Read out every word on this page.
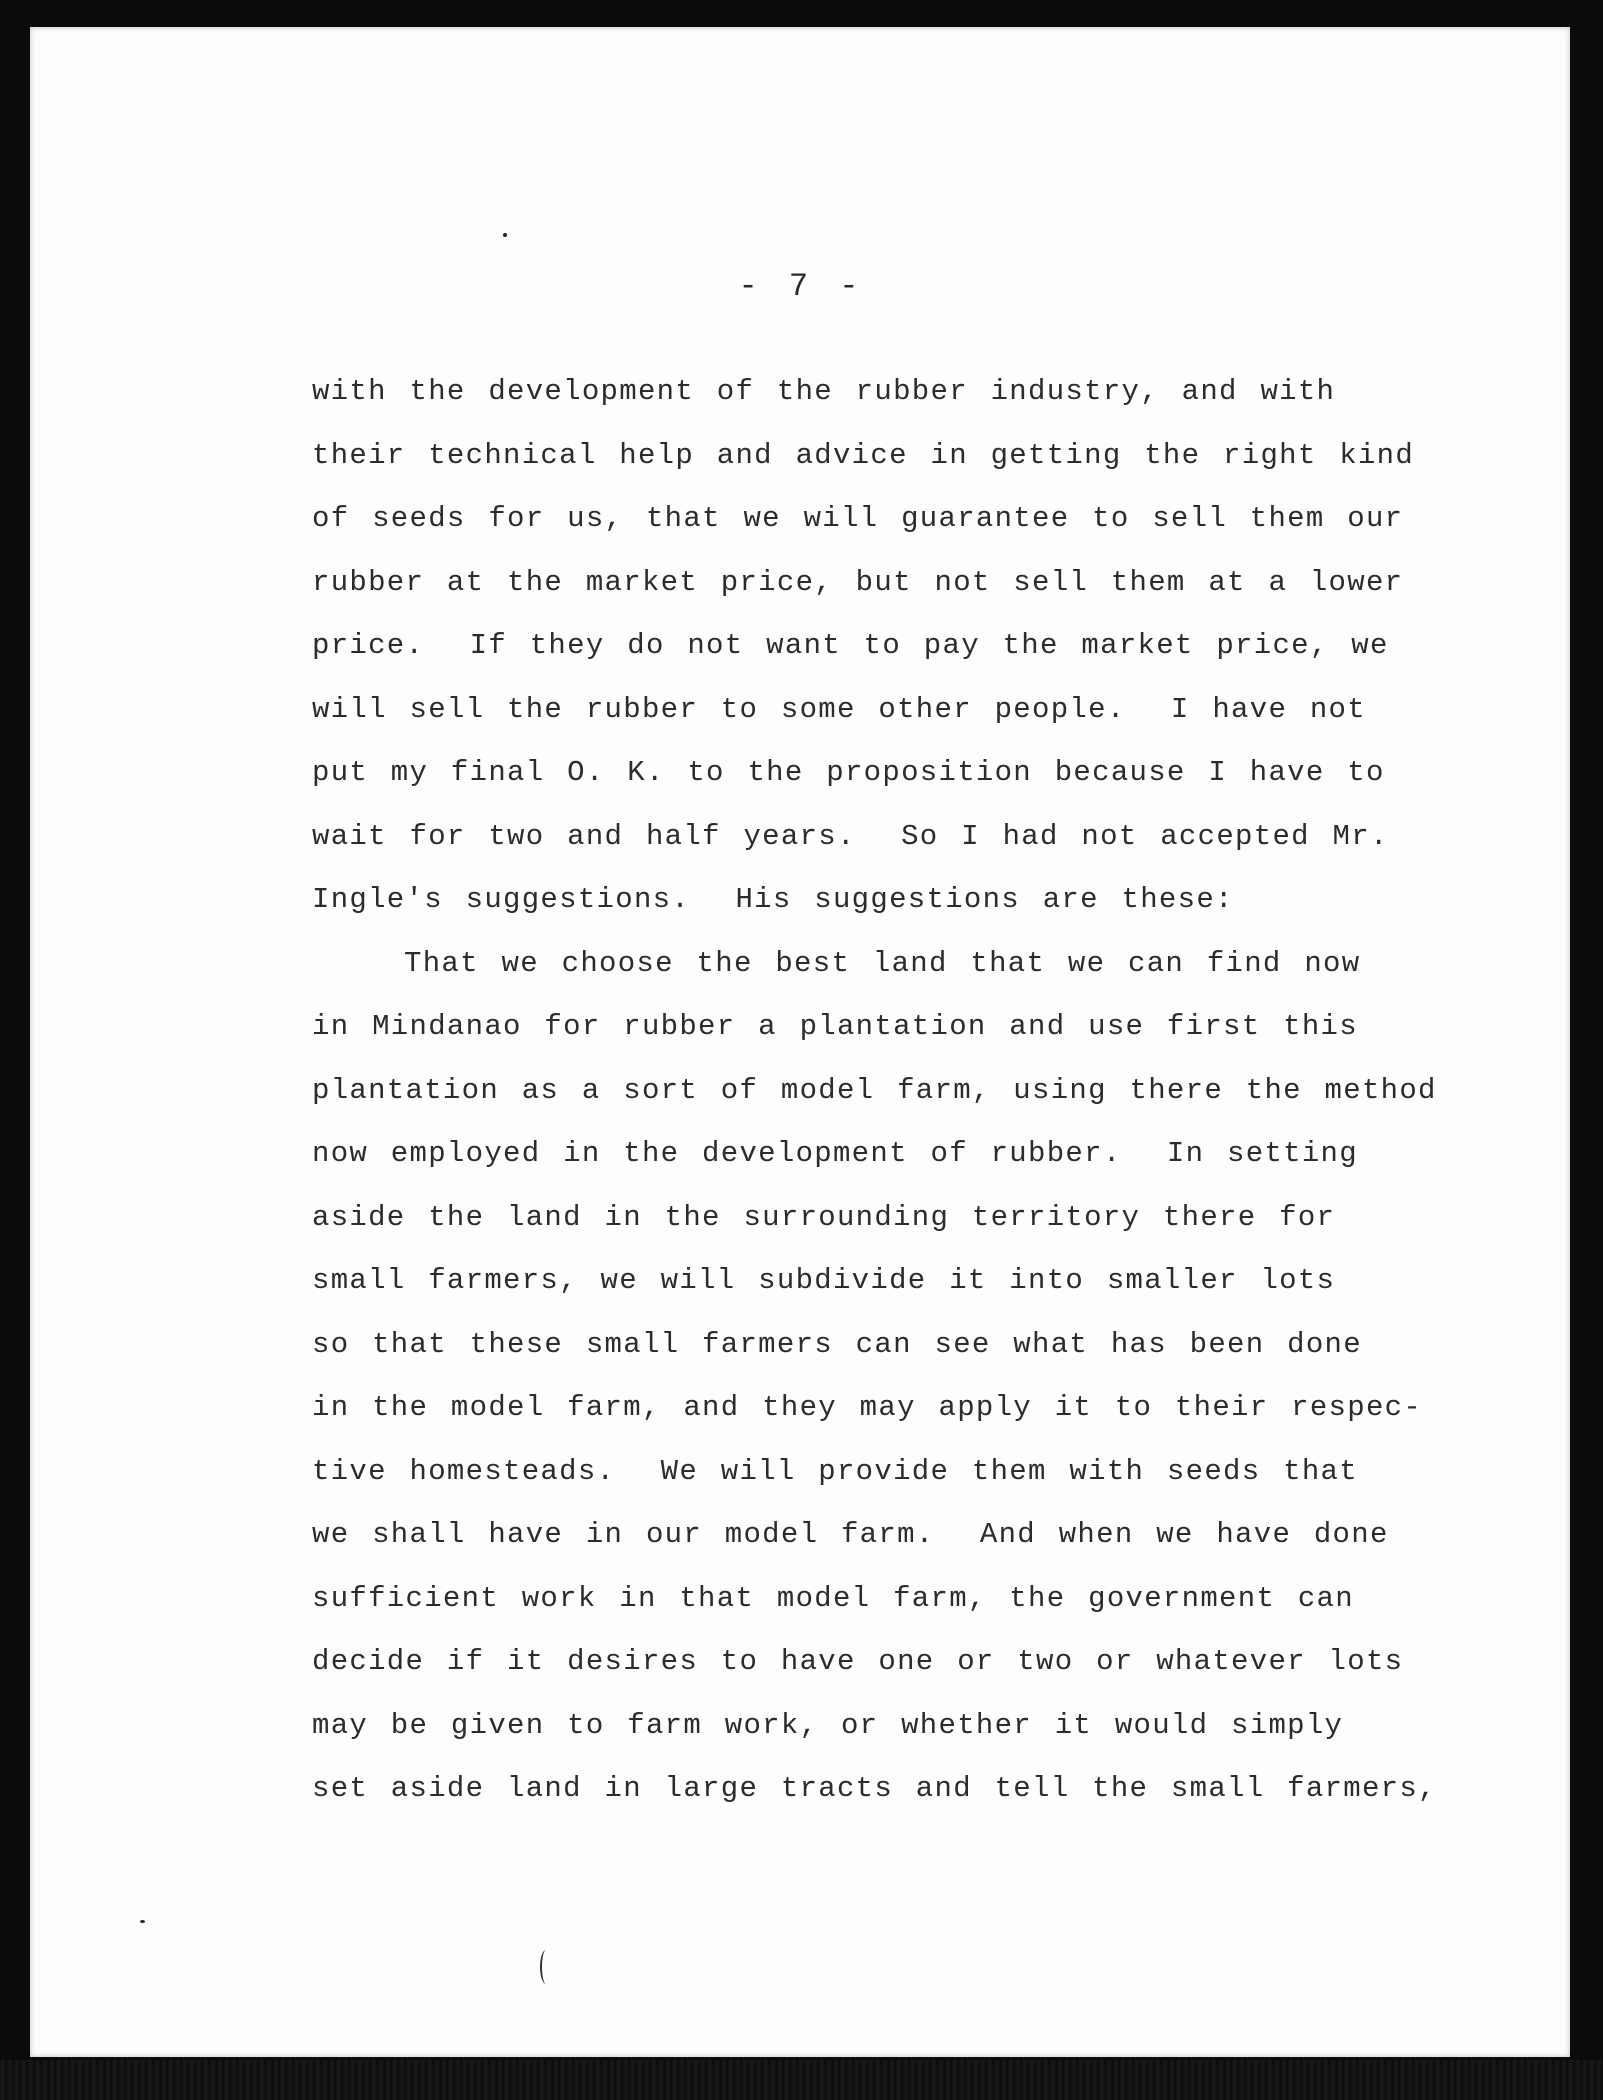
- 7 -
with the development of the rubber industry, and with
their technical help and advice in getting the right kind
of seeds for us, that we will guarantee to sell them our
rubber at the market price, but not sell them at a lower
price.  If they do not want to pay the market price, we
will sell the rubber to some other people.  I have not
put my final O. K. to the proposition because I have to
wait for two and half years.  So I had not accepted Mr.
Ingle's suggestions.  His suggestions are these:
That we choose the best land that we can find now
in Mindanao for rubber a plantation and use first this
plantation as a sort of model farm, using there the method
now employed in the development of rubber.  In setting
aside the land in the surrounding territory there for
small farmers, we will subdivide it into smaller lots
so that these small farmers can see what has been done
in the model farm, and they may apply it to their respec-
tive homesteads.  We will provide them with seeds that
we shall have in our model farm.  And when we have done
sufficient work in that model farm, the government can
decide if it desires to have one or two or whatever lots
may be given to farm work, or whether it would simply
set aside land in large tracts and tell the small farmers,
